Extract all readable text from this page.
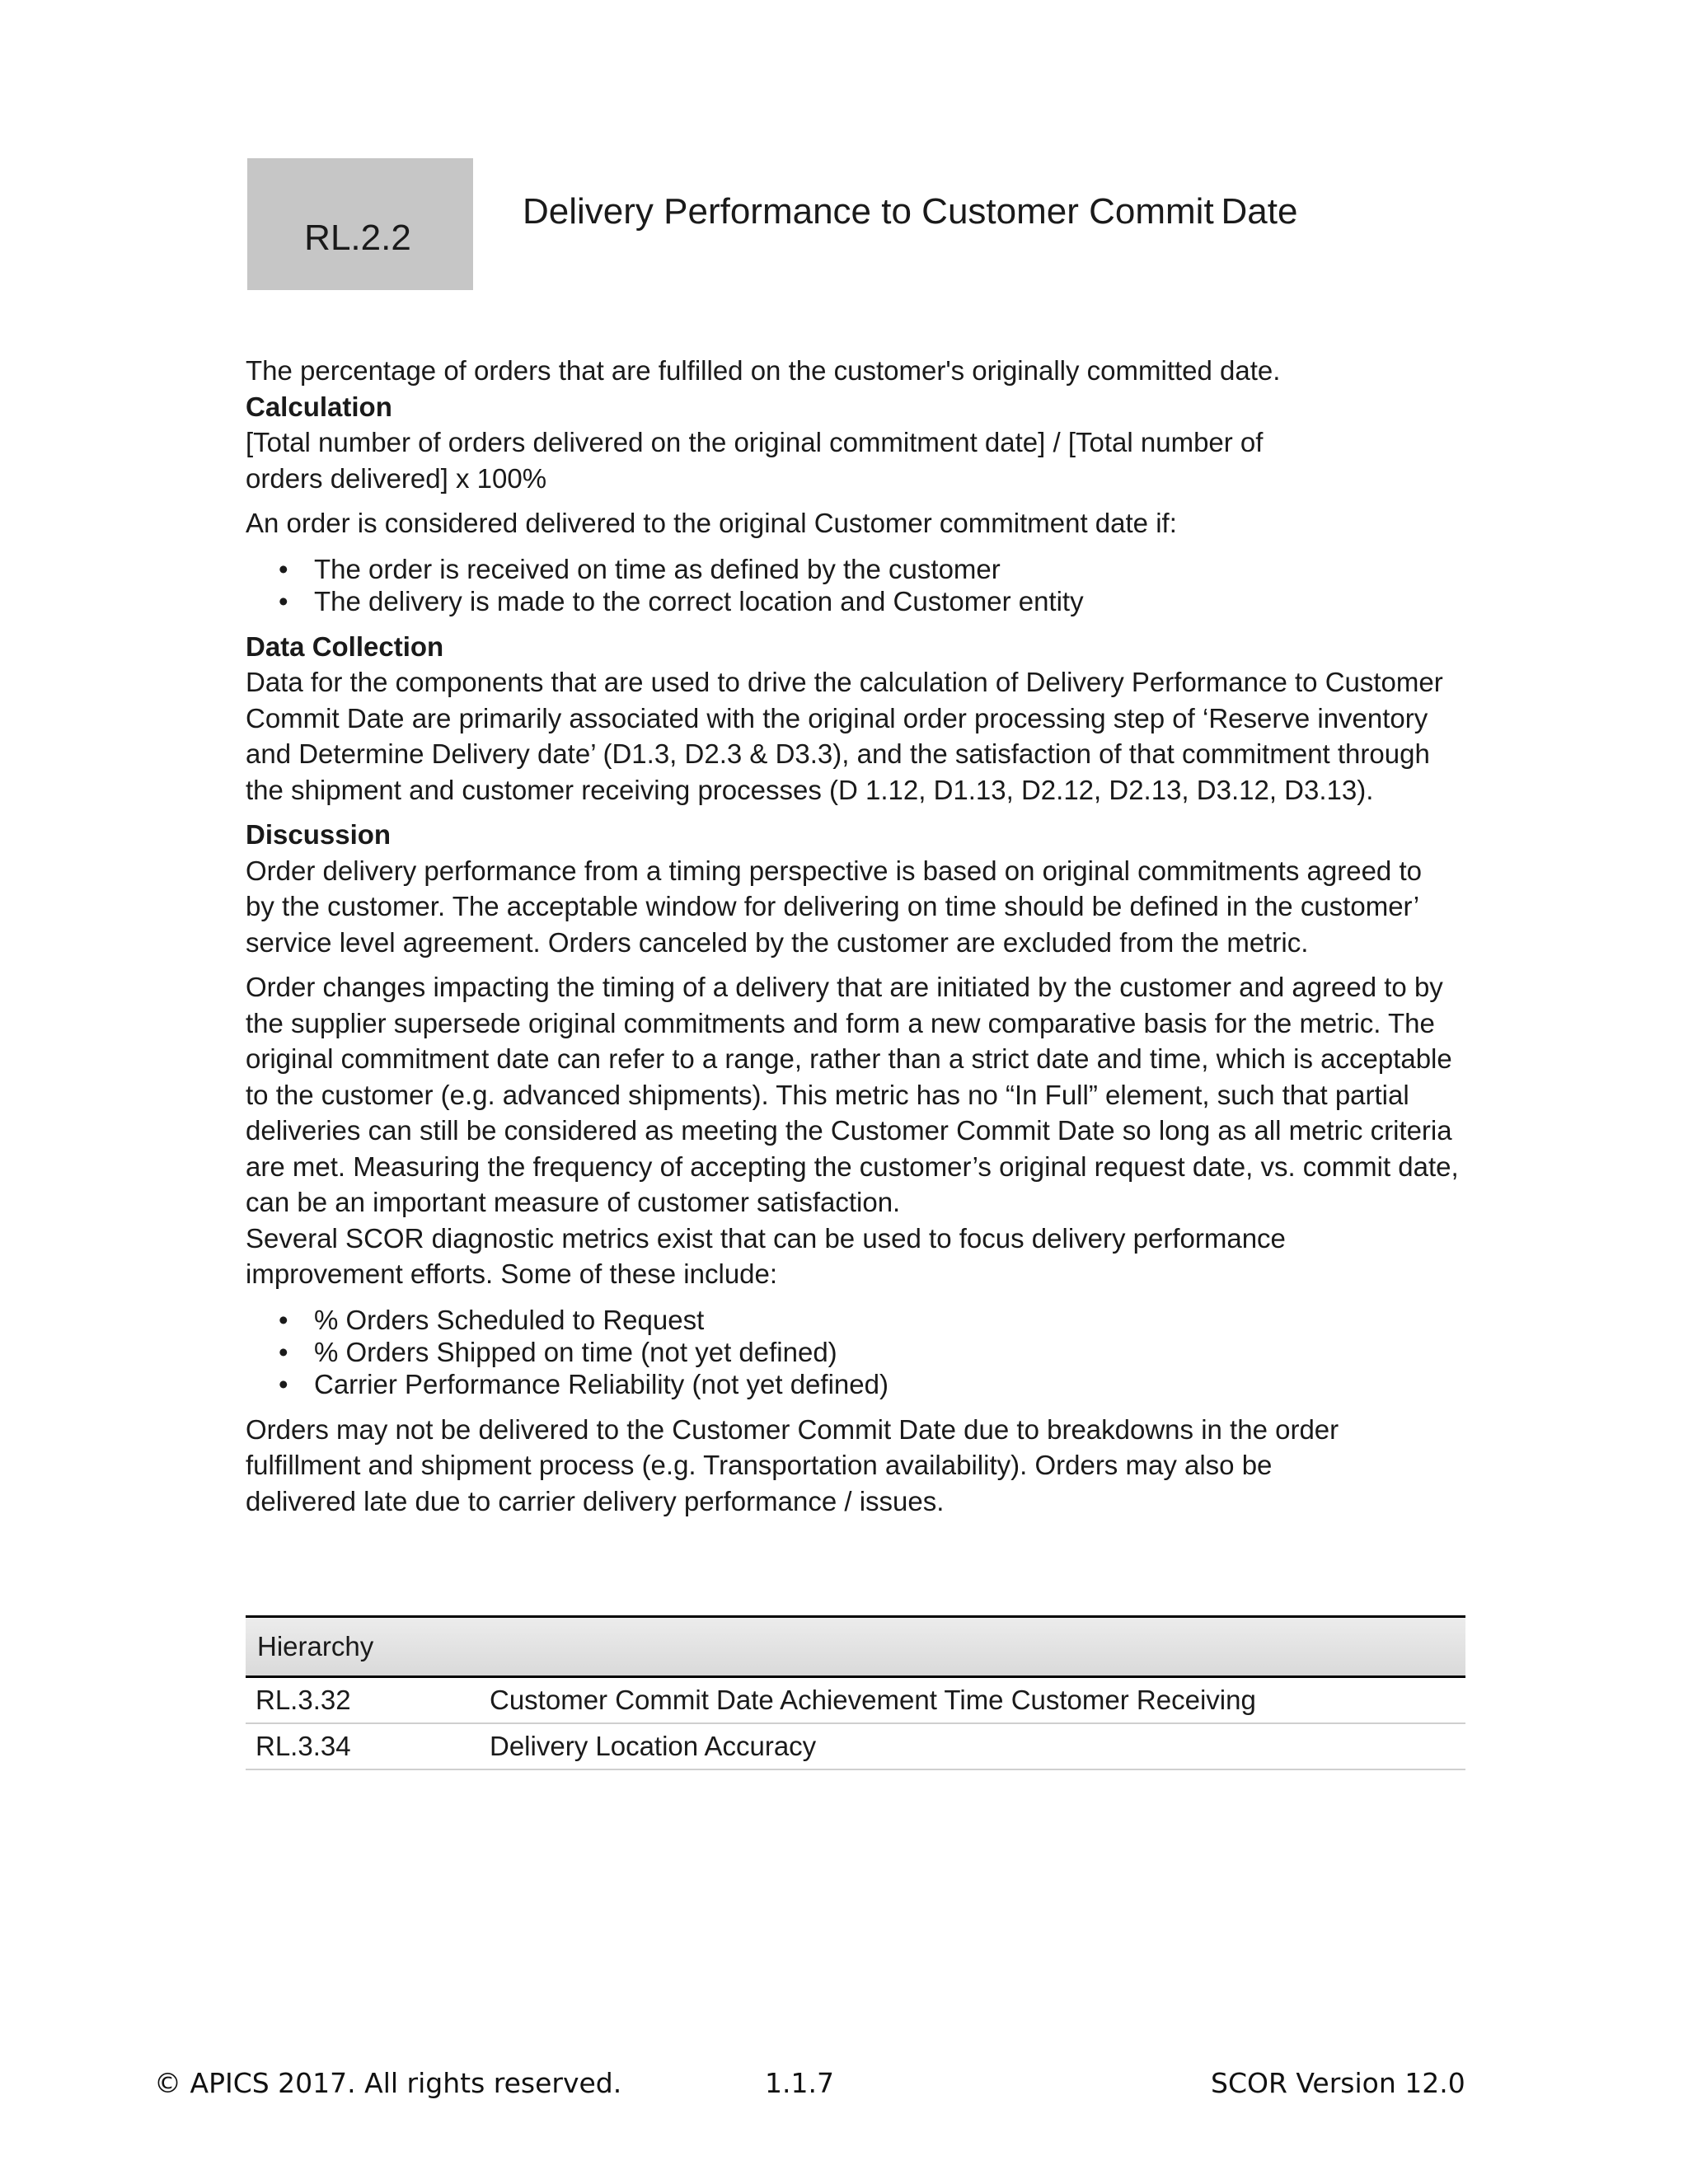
RL.2.2
Delivery Performance to Customer Commit Date

The percentage of orders that are fulfilled on the customer's originally committed date.

Calculation

[Total number of orders delivered on the original commitment date] / [Total number of orders delivered] x 100%

An order is considered delivered to the original Customer commitment date if:

• The order is received on time as defined by the customer
• The delivery is made to the correct location and Customer entity

Data Collection

Data for the components that are used to drive the calculation of Delivery Performance to Customer Commit Date are primarily associated with the original order processing step of ‘Reserve inventory and Determine Delivery date’ (D1.3, D2.3 & D3.3), and the satisfaction of that commitment through the shipment and customer receiving processes (D 1.12, D1.13, D2.12, D2.13, D3.12, D3.13).

Discussion

Order delivery performance from a timing perspective is based on original commitments agreed to by the customer. The acceptable window for delivering on time should be defined in the customer’ service level agreement. Orders canceled by the customer are excluded from the metric.

Order changes impacting the timing of a delivery that are initiated by the customer and agreed to by the supplier supersede original commitments and form a new comparative basis for the metric. The original commitment date can refer to a range, rather than a strict date and time, which is acceptable to the customer (e.g. advanced shipments). This metric has no “In Full” element, such that partial deliveries can still be considered as meeting the Customer Commit Date so long as all metric criteria are met. Measuring the frequency of accepting the customer’s original request date, vs. commit date, can be an important measure of customer satisfaction.

Several SCOR diagnostic metrics exist that can be used to focus delivery performance improvement efforts. Some of these include:

• % Orders Scheduled to Request
• % Orders Shipped on time (not yet defined)
• Carrier Performance Reliability (not yet defined)

Orders may not be delivered to the Customer Commit Date due to breakdowns in the order fulfillment and shipment process (e.g. Transportation availability). Orders may also be delivered late due to carrier delivery performance / issues.

Hierarchy
RL.3.32	Customer Commit Date Achievement Time Customer Receiving
RL.3.34	Delivery Location Accuracy
© APICS 2017. All rights reserved.	1.1.7	SCOR Version 12.0
